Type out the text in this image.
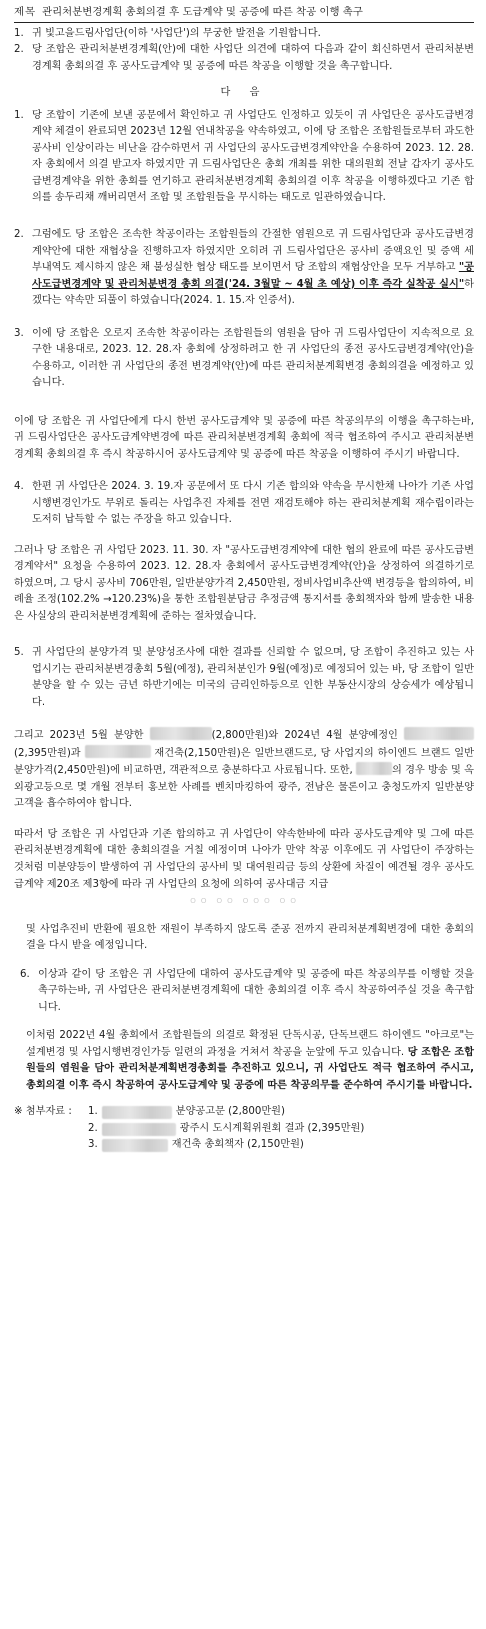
제목 관리처분변경계획 총회의결 후 도급계약 및 공증에 따른 착공 이행 촉구
1. 귀 빛고을드림사업단(이하 '사업단')의 무궁한 발전을 기원합니다.
2. 당 조합은 관리처분변경계획(안)에 대한 사업단 의견에 대하여 다음과 같이 회신하면서 관리처분변경계획 총회의결 후 공사도급계약 및 공증에 따른 착공을 이행할 것을 촉구합니다.
다 음
1. 당 조합이 기존에 보낸 공문에서 확인하고 귀 사업단도 인정하고 있듯이 귀 사업단은 공사도급변경계약 체결이 완료되면 2023년 12월 연내착공을 약속하였고, 이에 당 조합은 조합원들로부터 과도한 공사비 인상이라는 비난을 감수하면서 귀 사업단의 공사도급변경계약안을 수용하여 2023. 12. 28.자 총회에서 의결 받고자 하였지만 귀 드림사업단은 총회 개최를 위한 대의원회 전날 갑자기 공사도급변경계약을 위한 총회를 연기하고 관리처분변경계획 총회의결 이후 착공을 이행하겠다고 기존 합의를 송두리채 깨버리면서 조합 및 조합원들을 무시하는 태도로 일관하였습니다.
2. 그럼에도 당 조합은 조속한 착공이라는 조합원들의 간절한 염원으로 귀 드림사업단과 공사도급변경계약안에 대한 재협상을 진행하고자 하였지만 오히려 귀 드림사업단은 공사비 증액요인 및 증액 세부내역도 제시하지 않은 채 불성실한 협상 태도를 보이면서 당 조합의 재협상안을 모두 거부하고 "공사도급변경계약 및 관리처분변경 총회 의결('24. 3월말 ~ 4월 초 예상) 이후 즉각 실착공 실시"하겠다는 약속만 되풀이 하였습니다(2024. 1. 15.자 인증서).
3. 이에 당 조합은 오로지 조속한 착공이라는 조합원들의 염원을 담아 귀 드림사업단이 지속적으로 요구한 내용대로, 2023. 12. 28.자 총회에 상정하려고 한 귀 사업단의 종전 공사도급변경계약(안)을 수용하고, 이러한 귀 사업단의 종전 변경계약(안)에 따른 관리처분계획변경 총회의결을 예정하고 있습니다.

이에 당 조합은 귀 사업단에게 다시 한번 공사도급계약 및 공증에 따른 착공의무의 이행을 촉구하는바, 귀 드림사업단은 공사도급계약변경에 따른 관리처분변경계획 총회에 적극 협조하여 주시고 관리처분변경계획 총회의결 후 즉시 착공하시어 공사도급계약 및 공증에 따른 착공을 이행하여 주시기 바랍니다.

4. 한편 귀 사업단은 2024. 3. 19.자 공문에서 또 다시 기존 합의와 약속을 무시한채 나아가 기존 사업시행변경인가도 무위로 돌리는 사업추진 자체를 전면 재검토해야 하는 관리처분계획 재수립이라는 도저히 납득할 수 없는 주장을 하고 있습니다.

그러나 당 조합은 귀 사업단 2023. 11. 30. 자 "공사도급변경계약에 대한 협의 완료에 따른 공사도급변경계약서" 요청을 수용하여 2023. 12. 28.자 총회에서 공사도급변경계약(안)을 상정하여 의결하기로 하였으며, 그 당시 공사비 706만원, 일반분양가격 2,450만원, 정비사업비추산액 변경등을 합의하여, 비례율 조정(102.2% →120.23%)을 통한 조합원분담금 추정금액 통지서를 총회책자와 함께 발송한 내용은 사실상의 관리처분변경계획에 준하는 절차였습니다.

5. 귀 사업단의 분양가격 및 분양성조사에 대한 결과를 신뢰할 수 없으며, 당 조합이 추진하고 있는 사업시기는 관리처분변경총회 5월(예정), 관리처분인가 9월(예정)로 예정되어 있는 바, 당 조합이 일반분양을 할 수 있는 금년 하반기에는 미국의 금리인하등으로 인한 부동산시장의 상승세가 예상됩니다.

그리고 2023년 5월 분양한	(2,800만원)와 2024년 4월 분양예정인 (2,395만원)과	재건축(2,150만원)은 일반브랜드로, 당 사업지의 하이엔드 브랜드 일반분양가격(2,450만원)에 비교하면, 객관적으로 충분하다고 사료됩니다. 또한,	의 경우 방송 및 옥외광고등으로 몇 개월 전부터 홍보한 사례를 벤치마킹하여 광주, 전남은 물론이고 충청도까지 일반분양고객을 흡수하여야 합니다.

따라서 당 조합은 귀 사업단과 기존 합의하고 귀 사업단이 약속한바에 따라 공사도급계약 및 그에 따른 관리처분변경계획에 대한 총회의결을 거칠 예정이며 나아가 만약 착공 이후에도 귀 사업단이 주장하는 것처럼 미분양등이 발생하여 귀 사업단의 공사비 및 대여원리금 등의 상환에 차질이 예견될 경우 공사도급계약 제20조 제3항에 따라 귀 사업단의 요청에 의하여 공사대금 지급

ㅇㅇ ㅇㅇ ㅇㅇㅇ ㅇㅇ

및 사업추진비 반환에 필요한 재원이 부족하지 않도록 준공 전까지 관리처분계획변경에 대한 총회의결을 다시 받을 예정입니다.

6. 이상과 같이 당 조합은 귀 사업단에 대하여 공사도급계약 및 공증에 따른 착공의무를 이행할 것을 촉구하는바, 귀 사업단은 관리처분변경계획에 대한 총회의결 이후 즉시 착공하여주실 것을 촉구합니다.

이처럼 2022년 4월 총회에서 조합원들의 의결로 확정된 단독시공, 단독브랜드 하이엔드 "아크로"는 설계변경 및 사업시행변경인가등 일련의 과정을 거쳐서 착공을 눈앞에 두고 있습니다. 당 조합은 조합원들의 염원을 담아 관리처분계획변경총회를 추진하고 있으니, 귀 사업단도 적극 협조하여 주시고, 총회의결 이후 즉시 착공하여 공사도급계약 및 공증에 따른 착공의무를 준수하여 주시기를 바랍니다.

※ 첨부자료 :	1.	분양공고문 (2,800만원)
2.	광주시 도시계획위원회 결과 (2,395만원)
3.	재건축 총회책자 (2,150만원)
